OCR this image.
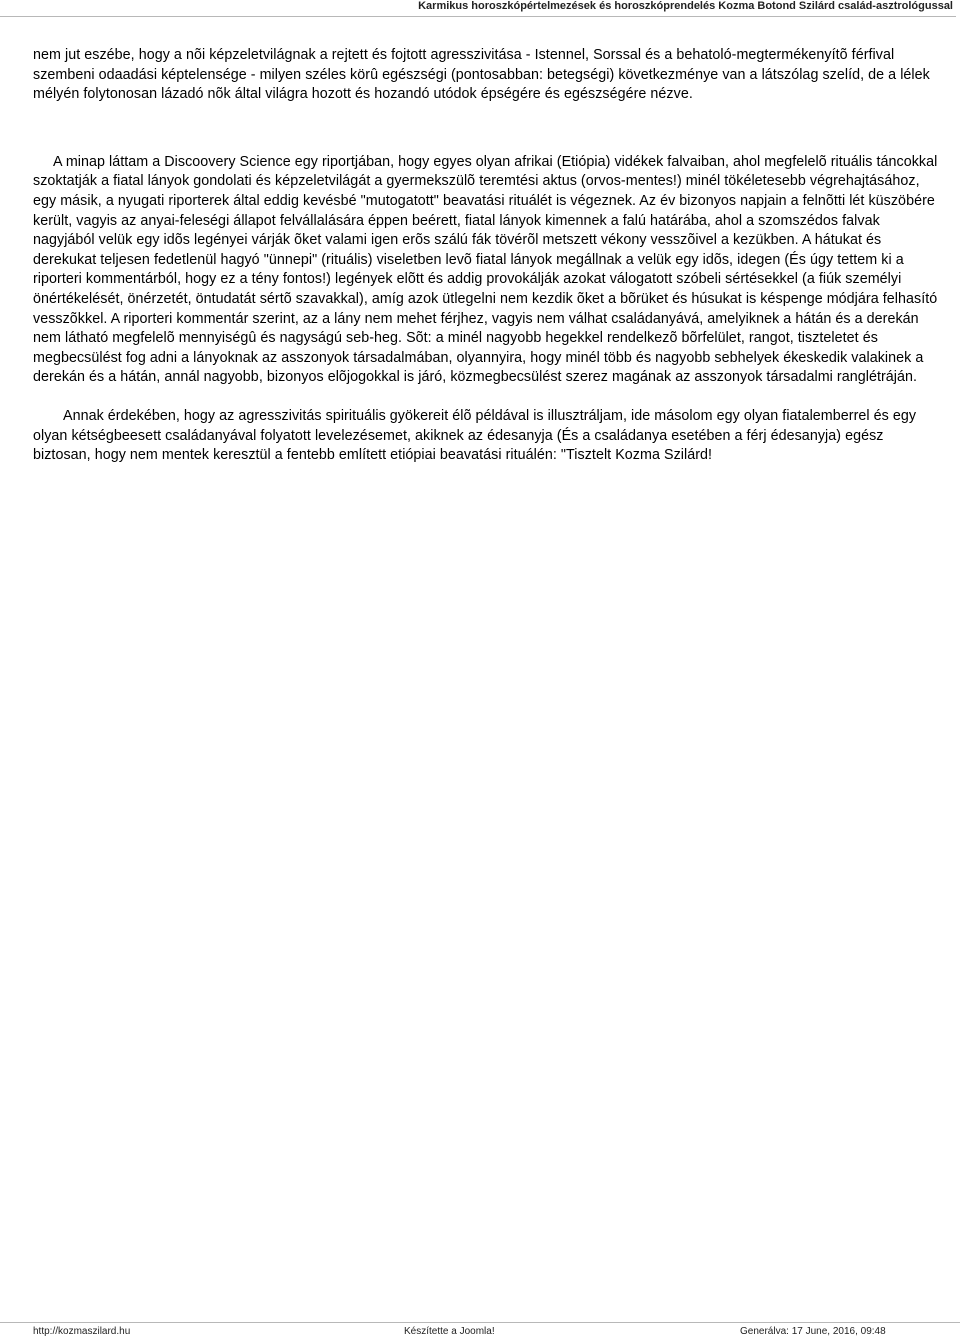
Karmikus horoszkópértelmezések és horoszkóprendelés Kozma Botond Szilárd család-asztrológussal

nem jut eszébe, hogy a nõi képzeletvilágnak a rejtett és fojtott agresszivitása - Istennel, Sorssal és a behatoló-megtermékenyítõ férfival szembeni odaadási képtelensége - milyen széles körû egészségi (pontosabban: betegségi) következménye van a látszólag szelíd, de a lélek mélyén folytonosan lázadó nõk által világra hozott és hozandó utódok épségére és egészségére nézve.

A minap láttam a Discoovery Science egy riportjában, hogy egyes olyan afrikai (Etiópia) vidékek falvaiban, ahol megfelelõ rituális táncokkal szoktatják a fiatal lányok gondolati és képzeletvilágát a gyermekszülõ teremtési aktus (orvos-mentes!) minél tökéletesebb végrehajtásához, egy másik, a nyugati riporterek által eddig kevésbé "mutogatott" beavatási rituálét is végeznek. Az év bizonyos napjain a felnõtti lét küszöbére került, vagyis az anyai-feleségi állapot felvállalására éppen beérett, fiatal lányok kimennek a falú határába, ahol a szomszédos falvak nagyjából velük egy idõs legényei várják õket valami igen erõs szálú fák tövérõl metszett vékony vesszõivel a kezükben. A hátukat és derekukat teljesen fedetlenül hagyó "ünnepi" (rituális) viseletben levõ fiatal lányok megállnak a velük egy idõs, idegen (És úgy tettem ki a riporteri kommentárból, hogy ez a tény fontos!) legények elõtt és addig provokálják azokat válogatott szóbeli sértésekkel (a fiúk személyi önértékelését, önérzetét, öntudatát sértõ szavakkal), amíg azok ütlegelni nem kezdik õket a bõrüket és húsukat is késpenge módjára felhasító vesszõkkel. A riporteri kommentár szerint, az a lány nem mehet férjhez, vagyis nem válhat családanyává, amelyiknek a hátán és a derekán nem látható megfelelõ mennyiségû és nagyságú seb-heg. Sõt: a minél nagyobb hegekkel rendelkezõ bõrfelület, rangot, tiszteletet és megbecsülést fog adni a lányoknak az asszonyok társadalmában, olyannyira, hogy minél több és nagyobb sebhelyek ékeskedik valakinek a derekán és a hátán, annál nagyobb, bizonyos elõjogokkal is járó, közmegbecsülést szerez magának az asszonyok társadalmi ranglétráján.

Annak érdekében, hogy az agresszivitás spirituális gyökereit élõ példával is illusztráljam, ide másolom egy olyan fiatalemberrel és egy olyan kétségbeesett családanyával folyatott levelezésemet, akiknek az édesanyja (És a családanya esetében a férj édesanyja) egész biztosan, hogy nem mentek keresztül a fentebb említett etiópiai beavatási rituálén: "Tisztelt Kozma Szilárd!

http://kozmaszilard.hu	Készítette a Joomla!	Generálva: 17 June, 2016, 09:48
